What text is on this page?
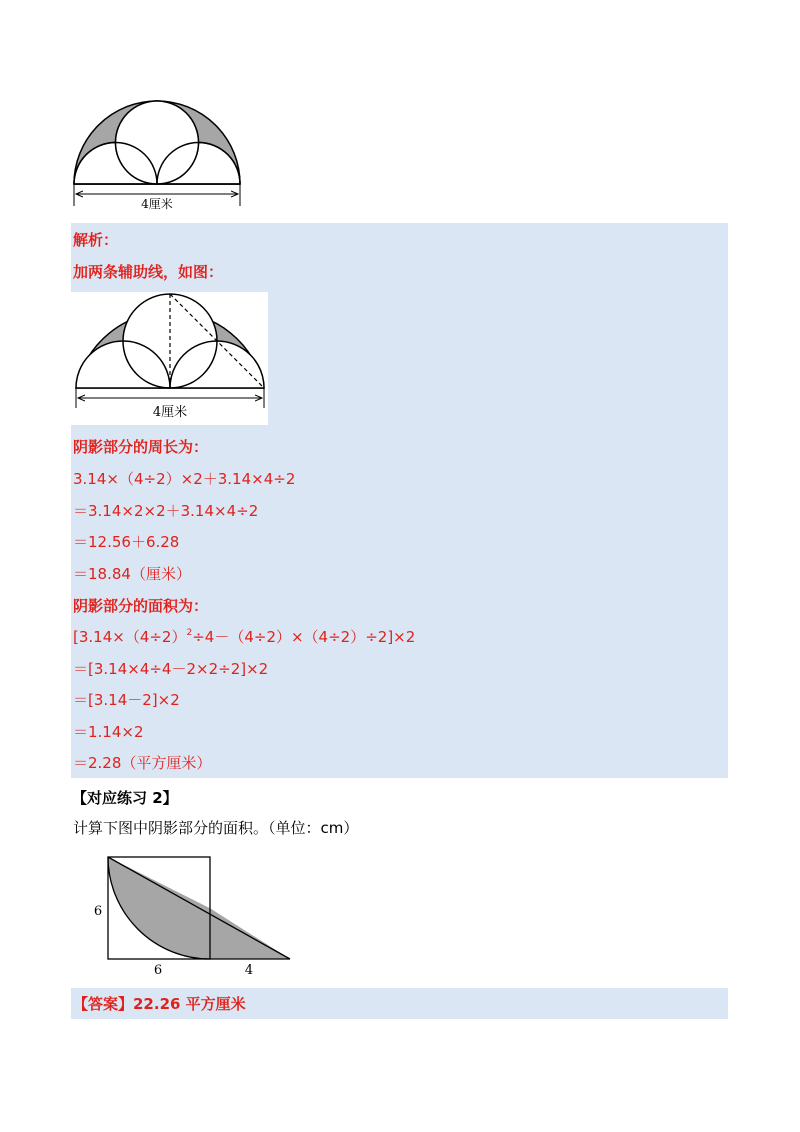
4厘米
解析：
加两条辅助线，如图：
4厘米
阴影部分的周长为：
3.14×（4÷2）×2＋3.14×4÷2
＝3.14×2×2＋3.14×4÷2
＝12.56＋6.28
＝18.84（厘米）
阴影部分的面积为：
$[3.14\times(4\div 2)^2\div 4-(4\div 2)\times(4\div 2)\div 2]\times 2$
＝[3.14×4÷4－2×2÷2]×2
＝[3.14－2]×2
＝1.14×2
＝2.28（平方厘米）
【对应练习 2】
计算下图中阴影部分的面积。（单位：cm）
6
6	4
【答案】22.26 平方厘米
